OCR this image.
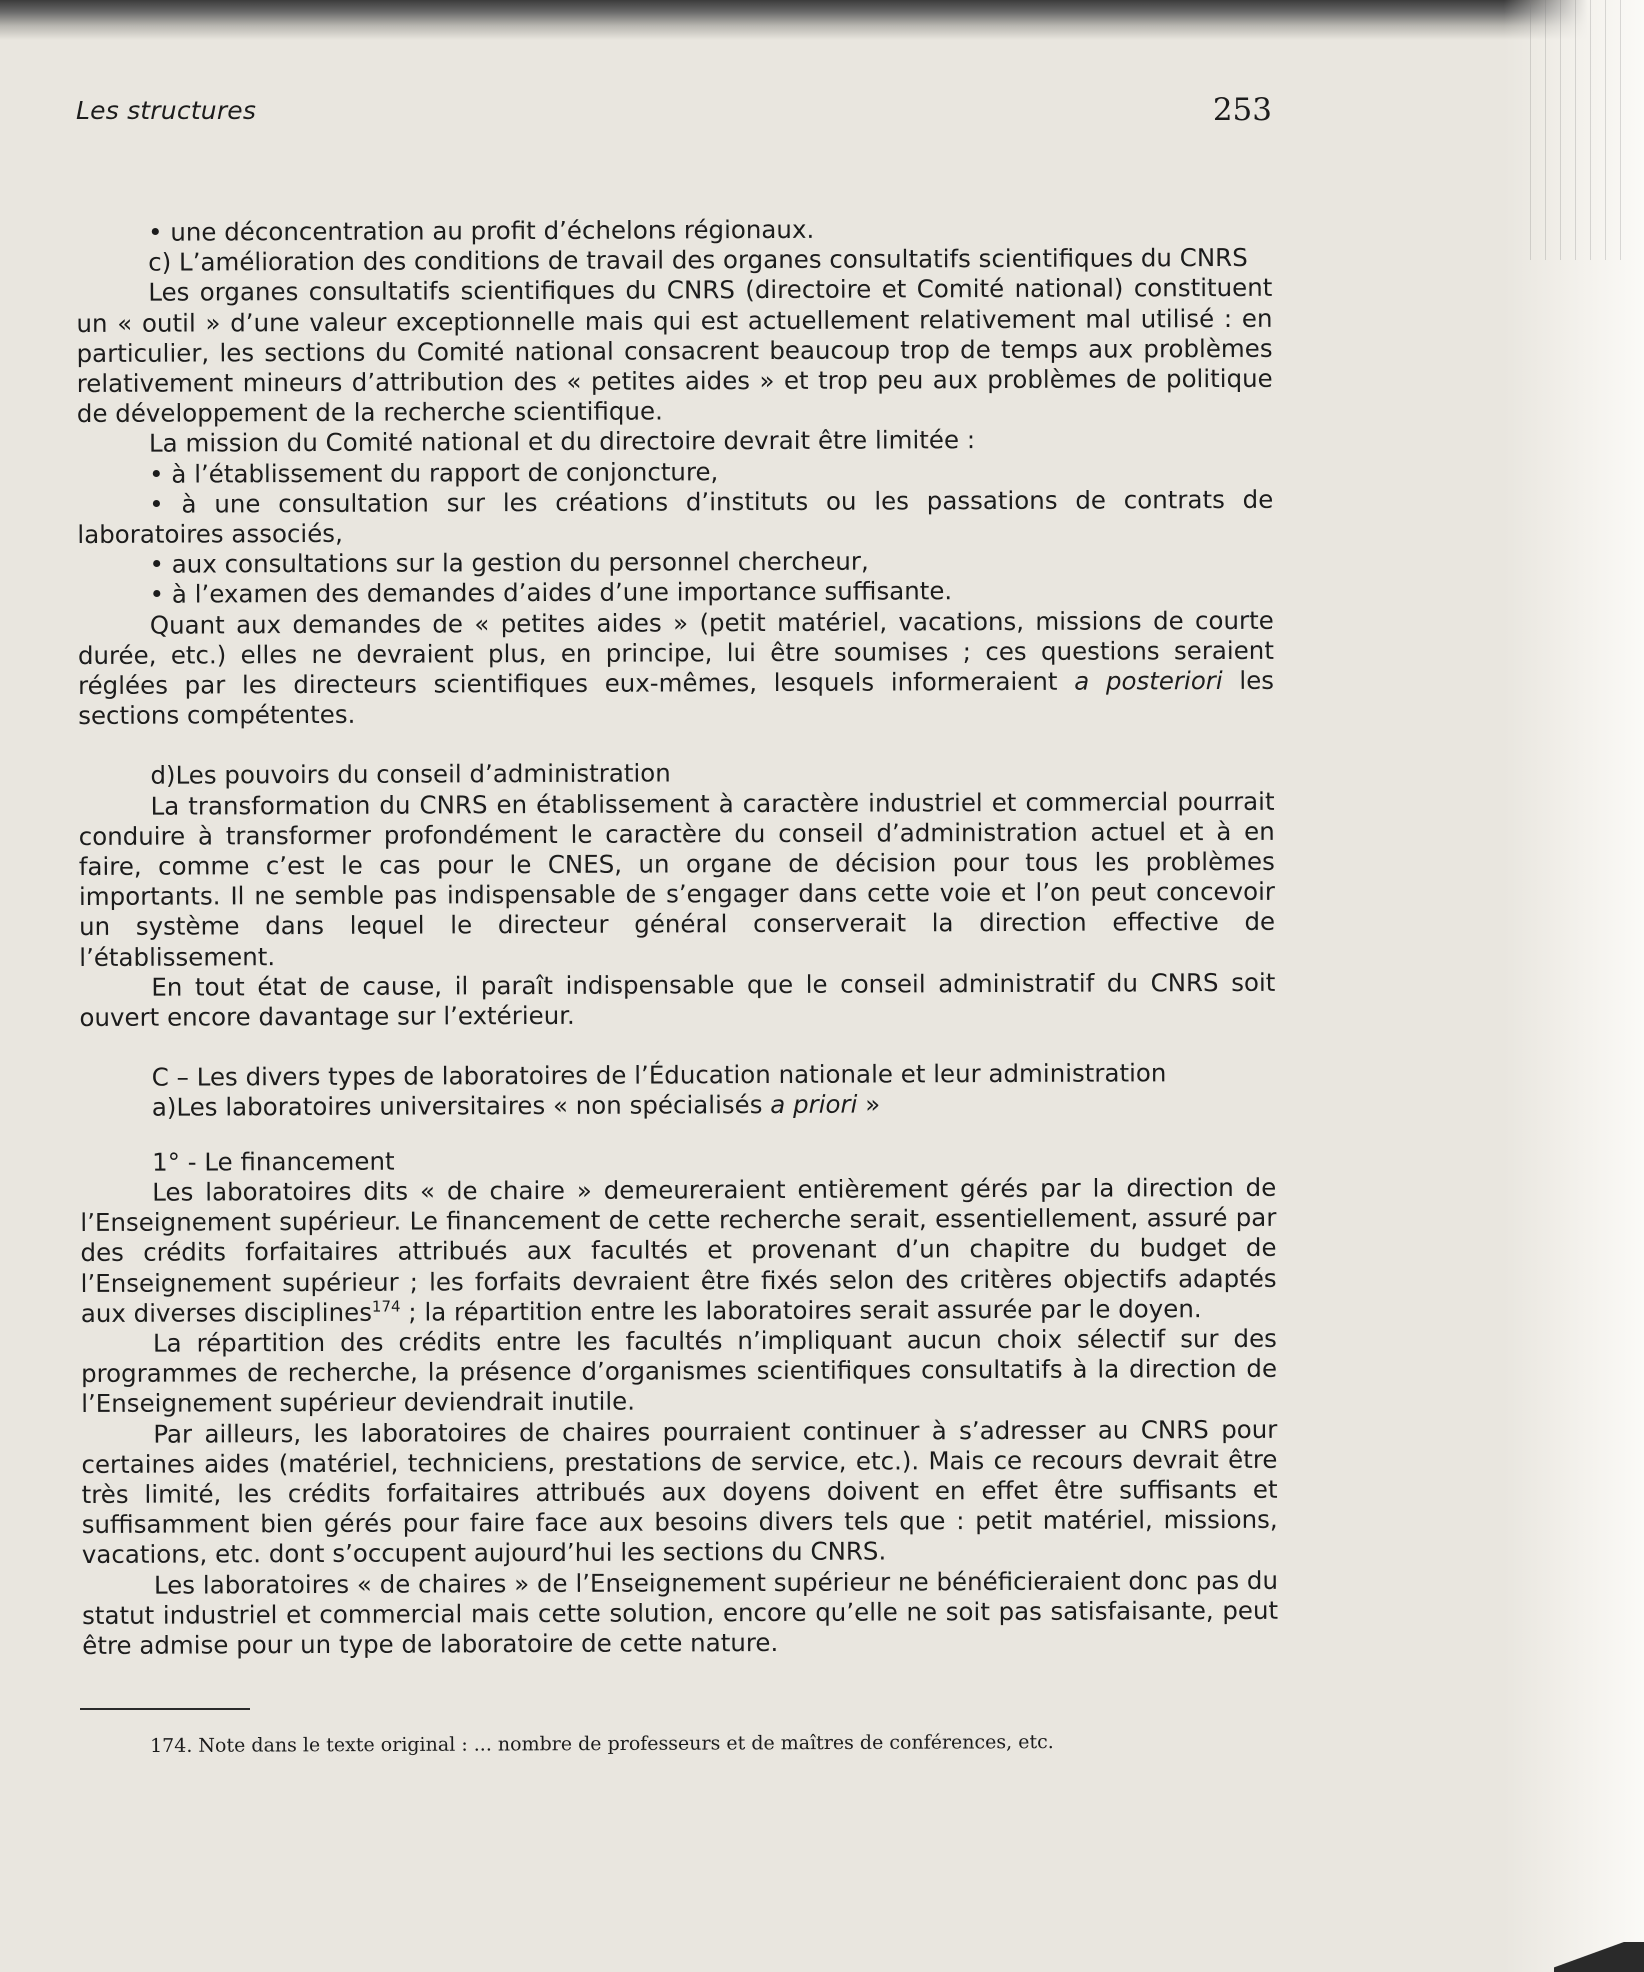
Les structures	253

• une déconcentration au profit d’échelons régionaux.

c) L’amélioration des conditions de travail des organes consultatifs scientifiques du CNRS

Les organes consultatifs scientifiques du CNRS (directoire et Comité national) constituent un « outil » d’une valeur exceptionnelle mais qui est actuellement relativement mal utilisé : en particulier, les sections du Comité national consacrent beaucoup trop de temps aux problèmes relativement mineurs d’attribution des « petites aides » et trop peu aux problèmes de politique de développement de la recherche scientifique.

La mission du Comité national et du directoire devrait être limitée :

• à l’établissement du rapport de conjoncture,

• à une consultation sur les créations d’instituts ou les passations de contrats de laboratoires associés,

• aux consultations sur la gestion du personnel chercheur,

• à l’examen des demandes d’aides d’une importance suffisante.

Quant aux demandes de « petites aides » (petit matériel, vacations, missions de courte durée, etc.) elles ne devraient plus, en principe, lui être soumises ; ces questions seraient réglées par les directeurs scientifiques eux-mêmes, lesquels informeraient a posteriori les sections compétentes.

d)Les pouvoirs du conseil d’administration

La transformation du CNRS en établissement à caractère industriel et commercial pourrait conduire à transformer profondément le caractère du conseil d’administration actuel et à en faire, comme c’est le cas pour le CNES, un organe de décision pour tous les problèmes importants. Il ne semble pas indispensable de s’engager dans cette voie et l’on peut concevoir un système dans lequel le directeur général conserverait la direction effective de l’établissement.

En tout état de cause, il paraît indispensable que le conseil administratif du CNRS soit ouvert encore davantage sur l’extérieur.

C – Les divers types de laboratoires de l’Éducation nationale et leur administration

a)Les laboratoires universitaires « non spécialisés a priori »

1° - Le financement

Les laboratoires dits « de chaire » demeureraient entièrement gérés par la direction de l’Enseignement supérieur. Le financement de cette recherche serait, essentiellement, assuré par des crédits forfaitaires attribués aux facultés et provenant d’un chapitre du budget de l’Enseignement supérieur ; les forfaits devraient être fixés selon des critères objectifs adaptés aux diverses disciplines$^{174}$ ; la répartition entre les laboratoires serait assurée par le doyen.

La répartition des crédits entre les facultés n’impliquant aucun choix sélectif sur des programmes de recherche, la présence d’organismes scientifiques consultatifs à la direction de l’Enseignement supérieur deviendrait inutile.

Par ailleurs, les laboratoires de chaires pourraient continuer à s’adresser au CNRS pour certaines aides (matériel, techniciens, prestations de service, etc.). Mais ce recours devrait être très limité, les crédits forfaitaires attribués aux doyens doivent en effet être suffisants et suffisamment bien gérés pour faire face aux besoins divers tels que : petit matériel, missions, vacations, etc. dont s’occupent aujourd’hui les sections du CNRS.

Les laboratoires « de chaires » de l’Enseignement supérieur ne bénéficieraient donc pas du statut industriel et commercial mais cette solution, encore qu’elle ne soit pas satisfaisante, peut être admise pour un type de laboratoire de cette nature.

174. Note dans le texte original : ... nombre de professeurs et de maîtres de conférences, etc.
